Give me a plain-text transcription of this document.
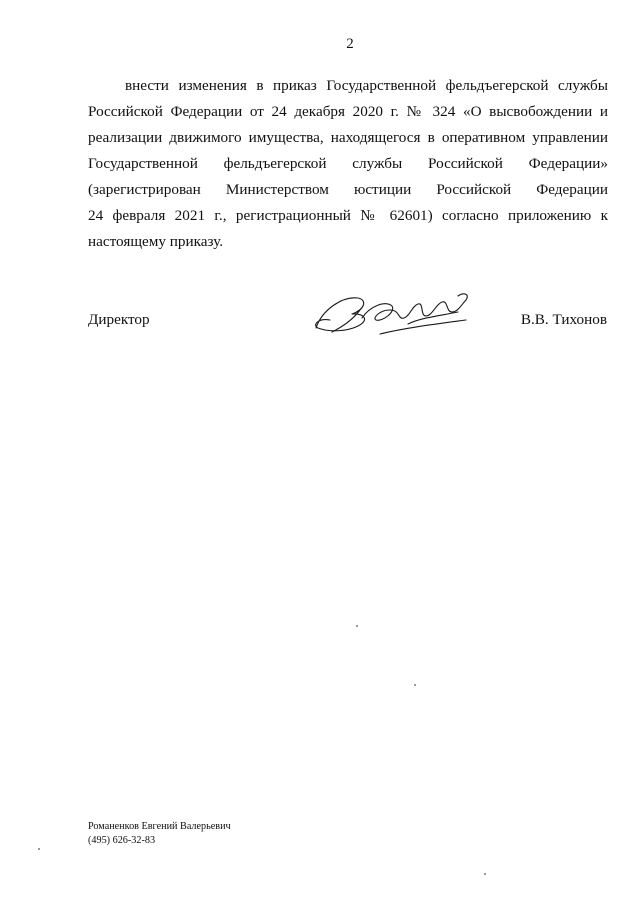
2
внести изменения в приказ Государственной фельдъегерской службы
Российской Федерации от 24 декабря 2020 г. № 324 «О высвобождении и
реализации движимого имущества, находящегося в оперативном управлении
Государственной фельдъегерской службы Российской Федерации»
(зарегистрирован Министерством юстиции Российской Федерации
24 февраля 2021 г., регистрационный № 62601) согласно приложению к
настоящему приказу.
Директор	В.В. Тихонов
Романенков Евгений Валерьевич
(495) 626-32-83
